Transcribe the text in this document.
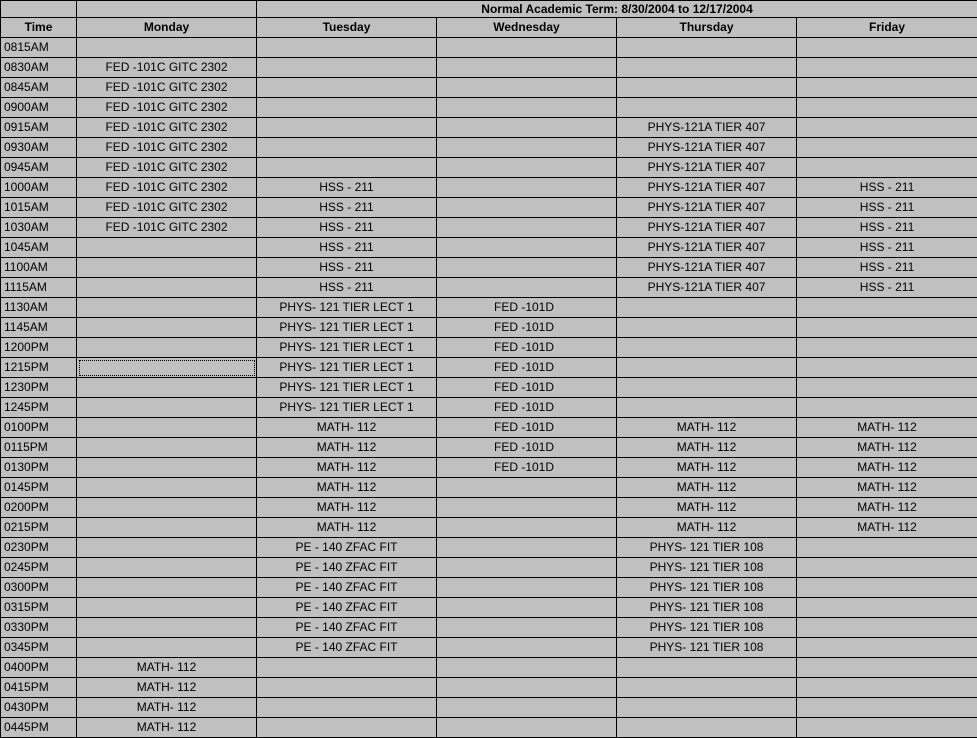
		Normal Academic Term: 8/30/2004 to 12/17/2004			
Time	Monday	Tuesday	Wednesday	Thursday	Friday
0815AM					
0830AM	FED -101C GITC 2302				
0845AM	FED -101C GITC 2302				
0900AM	FED -101C GITC 2302				
0915AM	FED -101C GITC 2302			PHYS-121A TIER 407	
0930AM	FED -101C GITC 2302			PHYS-121A TIER 407	
0945AM	FED -101C GITC 2302			PHYS-121A TIER 407	
1000AM	FED -101C GITC 2302	HSS - 211		PHYS-121A TIER 407	HSS - 211
1015AM	FED -101C GITC 2302	HSS - 211		PHYS-121A TIER 407	HSS - 211
1030AM	FED -101C GITC 2302	HSS - 211		PHYS-121A TIER 407	HSS - 211
1045AM		HSS - 211		PHYS-121A TIER 407	HSS - 211
1100AM		HSS - 211		PHYS-121A TIER 407	HSS - 211
1115AM		HSS - 211		PHYS-121A TIER 407	HSS - 211
1130AM		PHYS- 121 TIER LECT 1	FED -101D		
1145AM		PHYS- 121 TIER LECT 1	FED -101D		
1200PM		PHYS- 121 TIER LECT 1	FED -101D		
1215PM		PHYS- 121 TIER LECT 1	FED -101D		
1230PM		PHYS- 121 TIER LECT 1	FED -101D		
1245PM		PHYS- 121 TIER LECT 1	FED -101D		
0100PM		MATH- 112	FED -101D	MATH- 112	MATH- 112
0115PM		MATH- 112	FED -101D	MATH- 112	MATH- 112
0130PM		MATH- 112	FED -101D	MATH- 112	MATH- 112
0145PM		MATH- 112		MATH- 112	MATH- 112
0200PM		MATH- 112		MATH- 112	MATH- 112
0215PM		MATH- 112		MATH- 112	MATH- 112
0230PM		PE - 140 ZFAC FIT		PHYS- 121 TIER 108	
0245PM		PE - 140 ZFAC FIT		PHYS- 121 TIER 108	
0300PM		PE - 140 ZFAC FIT		PHYS- 121 TIER 108	
0315PM		PE - 140 ZFAC FIT		PHYS- 121 TIER 108	
0330PM		PE - 140 ZFAC FIT		PHYS- 121 TIER 108	
0345PM		PE - 140 ZFAC FIT		PHYS- 121 TIER 108	
0400PM	MATH- 112				
0415PM	MATH- 112				
0430PM	MATH- 112				
0445PM	MATH- 112				
